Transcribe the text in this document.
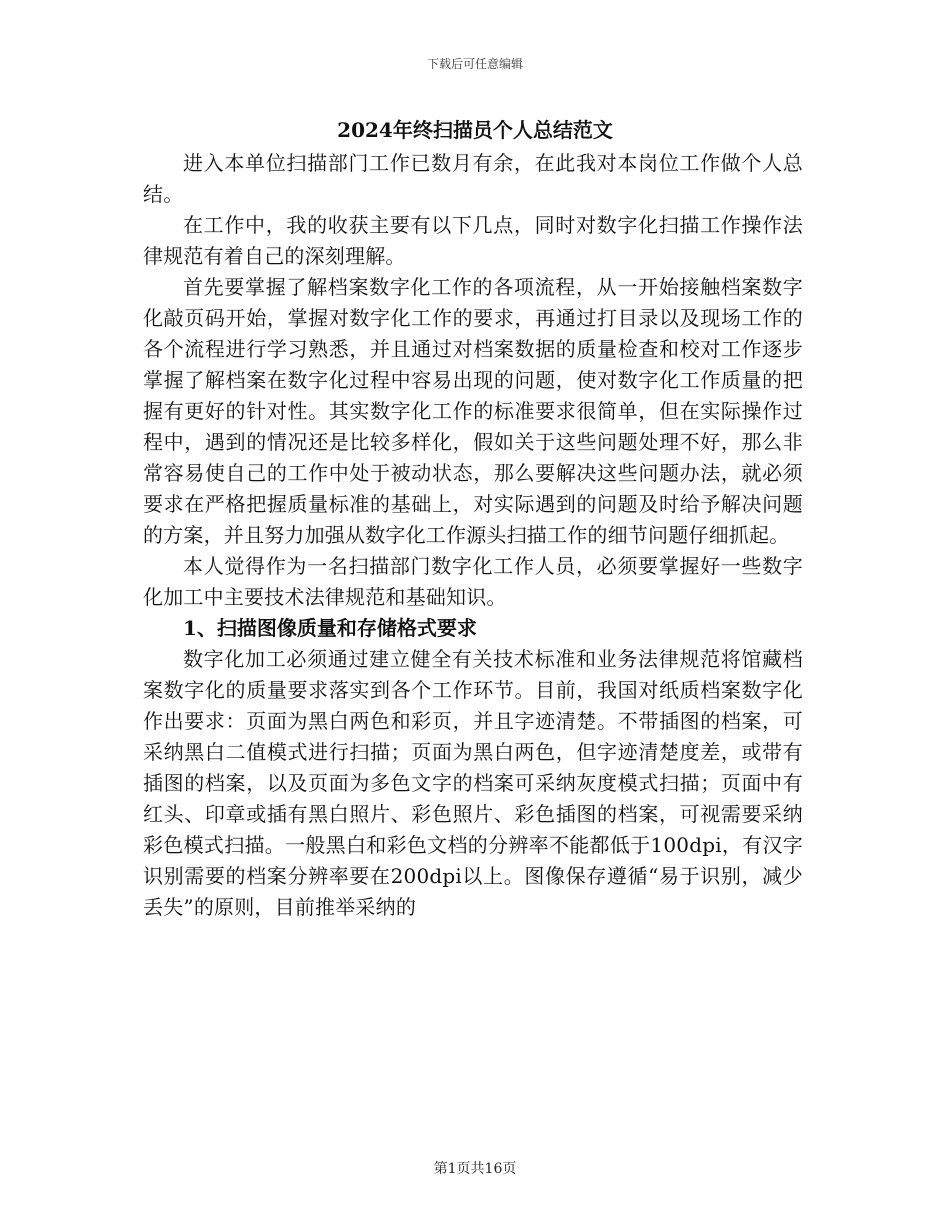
下载后可任意编辑
2024年终扫描员个人总结范文

进入本单位扫描部门工作已数月有余，在此我对本岗位工作做个人总结。

在工作中，我的收获主要有以下几点，同时对数字化扫描工作操作法律规范有着自己的深刻理解。

首先要掌握了解档案数字化工作的各项流程，从一开始接触档案数字化敲页码开始，掌握对数字化工作的要求，再通过打目录以及现场工作的各个流程进行学习熟悉，并且通过对档案数据的质量检查和校对工作逐步掌握了解档案在数字化过程中容易出现的问题，使对数字化工作质量的把握有更好的针对性。其实数字化工作的标准要求很简单，但在实际操作过程中，遇到的情况还是比较多样化，假如关于这些问题处理不好，那么非常容易使自己的工作中处于被动状态，那么要解决这些问题办法，就必须要求在严格把握质量标准的基础上，对实际遇到的问题及时给予解决问题的方案，并且努力加强从数字化工作源头扫描工作的细节问题仔细抓起。

本人觉得作为一名扫描部门数字化工作人员，必须要掌握好一些数字化加工中主要技术法律规范和基础知识。

1、扫描图像质量和存储格式要求

数字化加工必须通过建立健全有关技术标准和业务法律规范将馆藏档案数字化的质量要求落实到各个工作环节。目前，我国对纸质档案数字化作出要求：页面为黑白两色和彩页，并且字迹清楚。不带插图的档案，可采纳黑白二值模式进行扫描；页面为黑白两色，但字迹清楚度差，或带有插图的档案，以及页面为多色文字的档案可采纳灰度模式扫描；页面中有红头、印章或插有黑白照片、彩色照片、彩色插图的档案，可视需要采纳彩色模式扫描。一般黑白和彩色文档的分辨率不能都低于100dpi，有汉字识别需要的档案分辨率要在200dpi以上。图像保存遵循“易于识别，减少丢失”的原则，目前推举采纳的

第1页共16页
